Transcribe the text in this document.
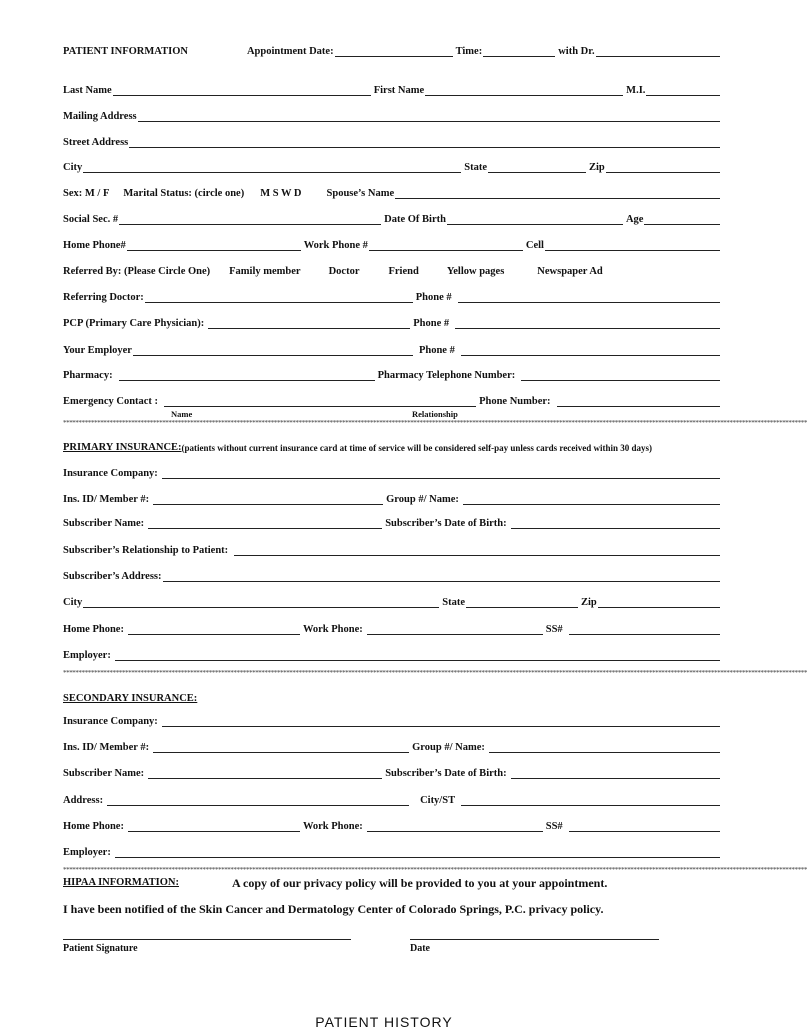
PATIENT INFORMATION	Appointment Date:	Time:	with Dr.
Last Name	First Name	M.I.
Mailing Address
Street Address
City	State	Zip
Sex: M / F Marital Status: (circle one) M S W D Spouse’s Name
Social Sec. #	Date Of Birth	Age
Home Phone#	Work Phone #	Cell
Referred By: (Please Circle One) Family member	Doctor	Friend	Yellow pages	Newspaper Ad
Referring Doctor:	Phone #
PCP (Primary Care Physician):	Phone #
Your Employer	Phone #
Pharmacy:	Pharmacy Telephone Number:
Emergency Contact :	Phone Number:
Name	Relationship
************************************************************************************************************************************************************************************************************************************************
PRIMARY INSURANCE: (patients without current insurance card at time of service will be considered self-pay unless cards received within 30 days)
Insurance Company:
Ins. ID/ Member #:	Group #/ Name:
Subscriber Name:	Subscriber’s Date of Birth:
Subscriber’s Relationship to Patient:
Subscriber’s Address:
City	State	Zip
Home Phone:	Work Phone:	SS#
Employer:
************************************************************************************************************************************************************************************************************************************************
SECONDARY INSURANCE:
Insurance Company:
Ins. ID/ Member #:	Group #/ Name:
Subscriber Name:	Subscriber’s Date of Birth:
Address:	City/ST
Home Phone:	Work Phone:	SS#
Employer:
************************************************************************************************************************************************************************************************************************************************
HIPAA INFORMATION:	A copy of our privacy policy will be provided to you at your appointment.
I have been notified of the Skin Cancer and Dermatology Center of Colorado Springs, P.C. privacy policy.
Patient Signature	Date
PATIENT HISTORY
